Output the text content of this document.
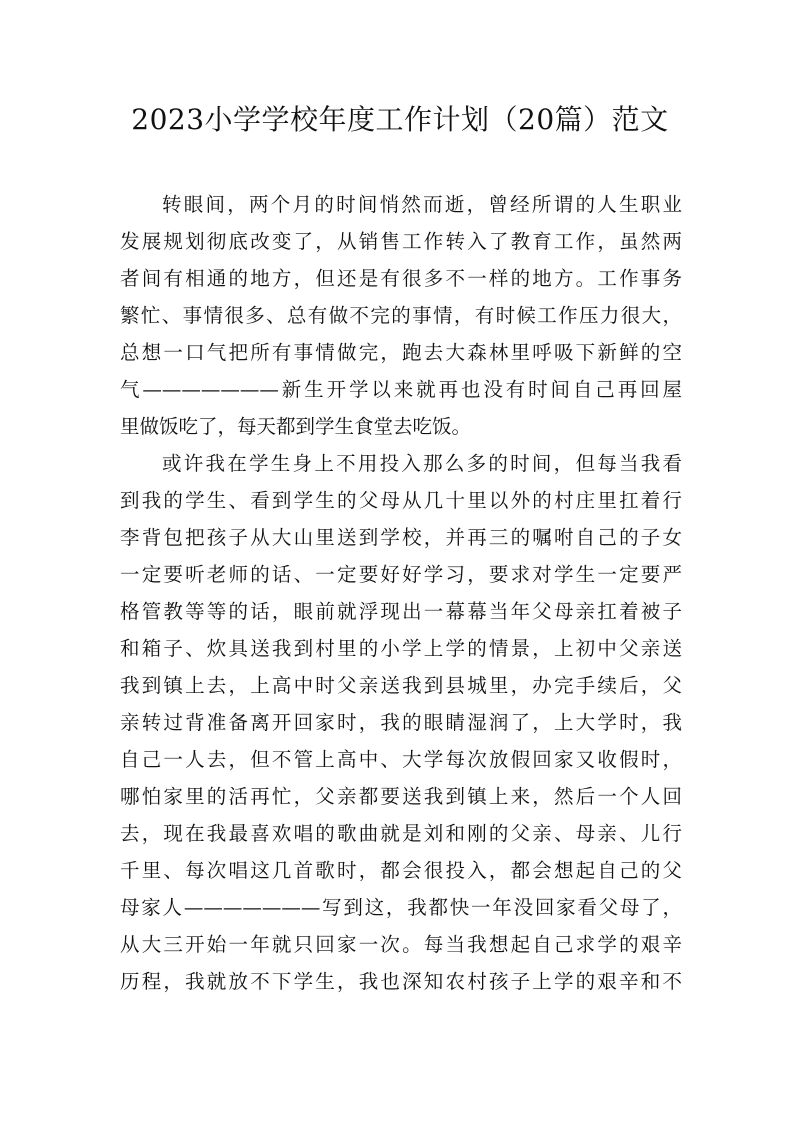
2023小学学校年度工作计划（20篇）范文
转眼间，两个月的时间悄然而逝，曾经所谓的人生职业
发展规划彻底改变了，从销售工作转入了教育工作，虽然两
者间有相通的地方，但还是有很多不一样的地方。工作事务
繁忙、事情很多、总有做不完的事情，有时候工作压力很大，
总想一口气把所有事情做完，跑去大森林里呼吸下新鲜的空
气———————新生开学以来就再也没有时间自己再回屋
里做饭吃了，每天都到学生食堂去吃饭。
或许我在学生身上不用投入那么多的时间，但每当我看
到我的学生、看到学生的父母从几十里以外的村庄里扛着行
李背包把孩子从大山里送到学校，并再三的嘱咐自己的子女
一定要听老师的话、一定要好好学习，要求对学生一定要严
格管教等等的话，眼前就浮现出一幕幕当年父母亲扛着被子
和箱子、炊具送我到村里的小学上学的情景，上初中父亲送
我到镇上去，上高中时父亲送我到县城里，办完手续后，父
亲转过背准备离开回家时，我的眼睛湿润了，上大学时，我
自己一人去，但不管上高中、大学每次放假回家又收假时，
哪怕家里的活再忙，父亲都要送我到镇上来，然后一个人回
去，现在我最喜欢唱的歌曲就是刘和刚的父亲、母亲、儿行
千里、每次唱这几首歌时，都会很投入，都会想起自己的父
母家人———————写到这，我都快一年没回家看父母了，
从大三开始一年就只回家一次。每当我想起自己求学的艰辛
历程，我就放不下学生，我也深知农村孩子上学的艰辛和不
